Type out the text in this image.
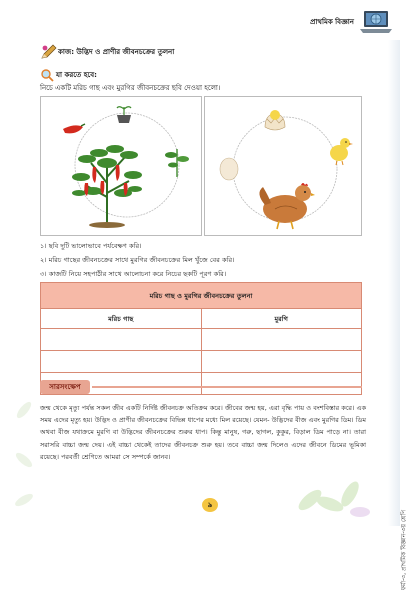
প্রাথমিক বিজ্ঞান
ফর্মা-৩, প্রাথমিক বিজ্ঞান-৩য় শ্রেণি
কাজ: উদ্ভিদ ও প্রাণীর জীবনচক্রের তুলনা
যা করতে হবে:
নিচে একটি মরিচ গাছ এবং মুরগির জীবনচক্রের ছবি দেওয়া হলো।
১। ছবি দুটি ভালোভাবে পর্যবেক্ষণ করি।
২। মরিচ গাছের জীবনচক্রের সাথে মুরগির জীবনচক্রের মিল খুঁজে বের করি।
৩। কাজটি নিয়ে সহপাঠীর সাথে আলোচনা করে নিচের ছকটি পূরণ করি।
মরিচ গাছ ও মুরগির জীবনচক্রের তুলনা	
মরিচ গাছ	মুরগি

সারসংক্ষেপ

জন্ম থেকে মৃত্যু পর্যন্ত সকল জীব একটি নির্দিষ্ট জীবনচক্র অতিক্রম করে। জীবের জন্ম হয়, এরা বৃদ্ধি পায় ও বংশবিস্তার করে। এক সময় এদের মৃত্যু হয়। উদ্ভিদ ও প্রাণীর জীবনচক্রের বিভিন্ন ধাপের মধ্যে মিল রয়েছে। যেমন- উদ্ভিদের বীজ এবং মুরগির ডিম। ডিম অথবা বীজ যথাক্রমে মুরগি বা উদ্ভিদের জীবনচক্রের শুরুর ধাপ। কিন্তু মানুষ, গরু, ছাগল, কুকুর, বিড়াল ডিম পাড়ে না। তারা সরাসরি বাচ্চা জন্ম দেয়। এই বাচ্চা থেকেই তাদের জীবনচক্র শুরু হয়। তবে বাচ্চা জন্ম দিলেও এদের জীবনে ডিমের ভূমিকা রয়েছে। পরবর্তী শ্রেণিতে আমরা সে সম্পর্কে জানব।

৯
